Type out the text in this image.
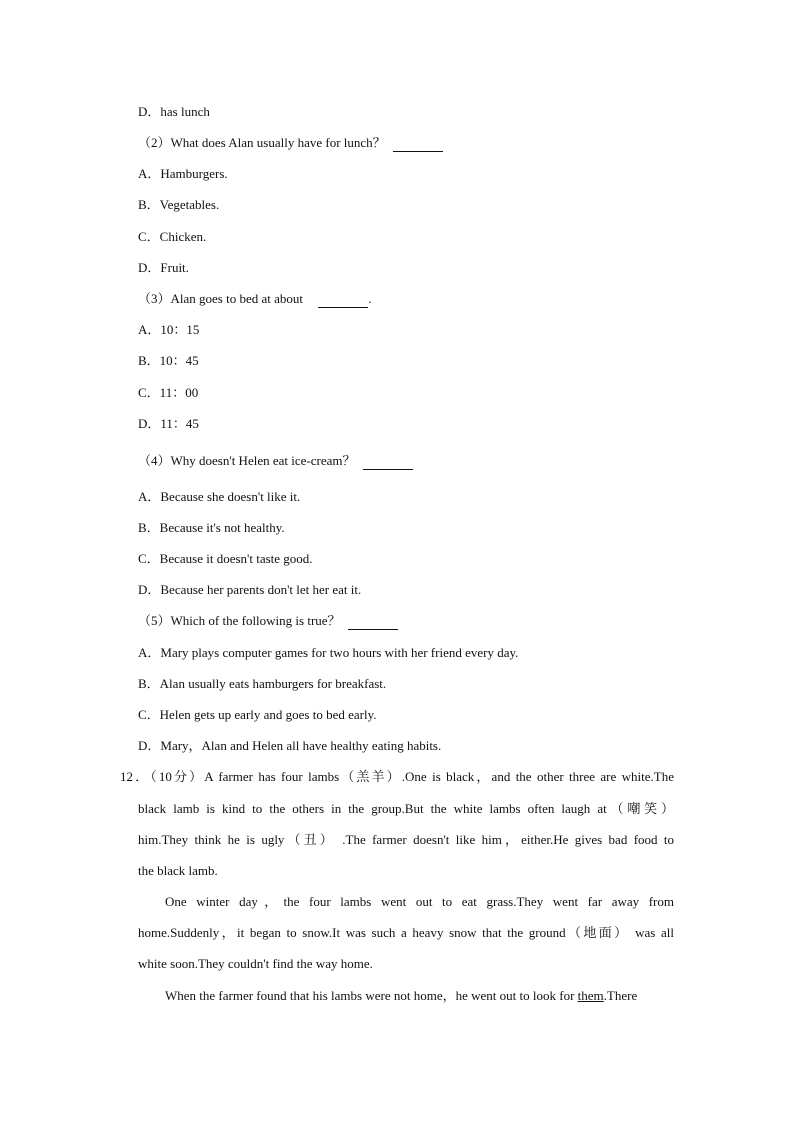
D．has lunch
（2）What does Alan usually have for lunch？
A．Hamburgers.
B．Vegetables.
C．Chicken.
D．Fruit.
（3）Alan goes to bed at about	.
A．10：15
B．10：45
C．11：00
D．11：45
（4）Why doesn't Helen eat ice-cream？
A．Because she doesn't like it.
B．Because it's not healthy.
C．Because it doesn't taste good.
D．Because her parents don't let her eat it.
（5）Which of the following is true？
A．Mary plays computer games for two hours with her friend every day.
B．Alan usually eats hamburgers for breakfast.
C．Helen gets up early and goes to bed early.
D．Mary，Alan and Helen all have healthy eating habits.
12．（10分）A farmer has four lambs（羔羊）.One is black，and the other three are white.The
black lamb is kind to the others in the group.But the white lambs often laugh at（嘲笑）
him.They think he is ugly（丑） .The farmer doesn't like him，either.He gives bad food to
the black lamb.
One winter day，the four lambs went out to eat grass.They went far away from
home.Suddenly，it began to snow.It was such a heavy snow that the ground（地面） was all
white soon.They couldn't find the way home.
When the farmer found that his lambs were not home，he went out to look for them.There
